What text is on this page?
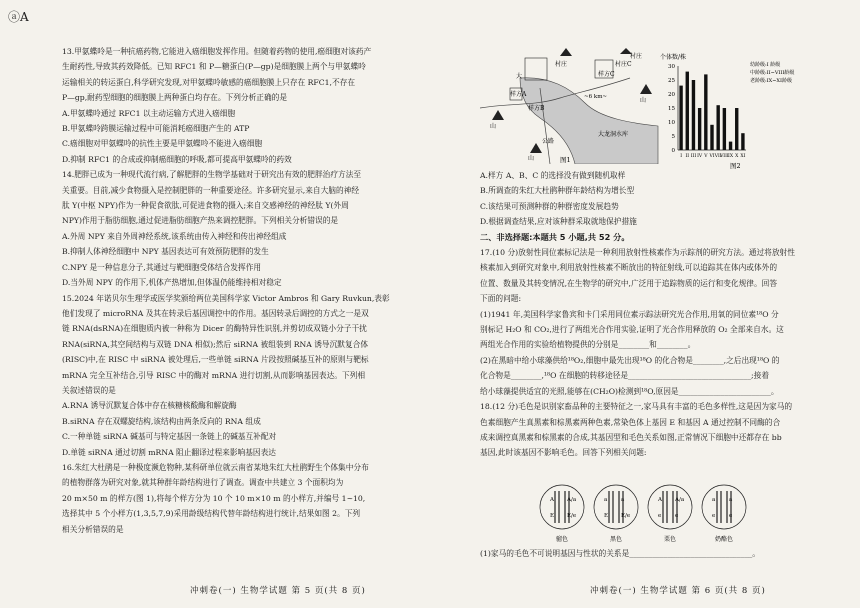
ⓐA

13.甲氨蝶呤是一种抗癌药物,它能进入癌细胞发挥作用。但随着药物的使用,癌细胞对该药产

生耐药性,导致其药效降低。已知 RFC1 和 P—糖蛋白(P—gp)是细胞膜上两个与甲氨蝶呤

运输相关的转运蛋白,科学研究发现,对甲氨蝶呤敏感的癌细胞膜上只存在 RFC1,不存在

P—gp,耐药型细胞的细胞膜上两种蛋白均存在。下列分析正确的是

A.甲氨蝶呤通过 RFC1 以主动运输方式进入癌细胞

B.甲氨蝶呤跨膜运输过程中可能消耗癌细胞产生的 ATP

C.癌细胞对甲氨蝶呤的抗性主要是甲氨蝶呤不能进入癌细胞

D.抑制 RFC1 的合成或抑制癌细胞的呼吸,都可提高甲氨蝶呤的药效

14.肥胖已成为一种现代流行病,了解肥胖的生物学基础对于研究出有效的肥胖治疗方法至

关重要。目前,减少食物摄入是控制肥胖的一种重要途径。许多研究显示,来自大脑的神经

肽 Y(中枢 NPY)作为一种促食欲肽,可促进食物的摄入;来自交感神经的神经肽 Y(外周

NPY)作用于脂肪细胞,通过促进脂肪细胞产热来调控肥胖。下列相关分析错误的是

A.外周 NPY 来自外周神经系统,该系统由传入神经和传出神经组成

B.抑制人体神经细胞中 NPY 基因表达可有效预防肥胖的发生

C.NPY 是一种信息分子,其通过与靶细胞受体结合发挥作用

D.当外周 NPY 的作用下,机体产热增加,但体温仍能维持相对稳定

15.2024 年诺贝尔生理学或医学奖颁给两位美国科学家 Victor Ambros 和 Gary Ruvkun,表彰

他们发现了 microRNA 及其在转录后基因调控中的作用。基因转录后调控的方式之一是双

链 RNA(dsRNA)在细胞质内被一种称为 Dicer 的酶特异性识别,并剪切成双链小分子干扰

RNA(siRNA,其空间结构与双链 DNA 相似);然后 siRNA 被组装到 RNA 诱导沉默复合体

(RISC)中,在 RISC 中 siRNA 被处理后,一些单链 siRNA 片段按照碱基互补的原则与靶标

mRNA 完全互补结合,引导 RISC 中的酶对 mRNA 进行切割,从而影响基因表达。下列相

关叙述错误的是

A.RNA 诱导沉默复合体中存在核糖核酸酶和解旋酶

B.siRNA 存在双螺旋结构,该结构由两条反向的 RNA 组成

C.一种单链 siRNA 碱基可与特定基因一条链上的碱基互补配对

D.单链 siRNA 通过切割 mRNA 阻止翻译过程来影响基因表达

16.朱红大杜鹃是一种极度濒危物种,某科研单位就云南省某地朱红大杜鹃野生个体集中分布

的植物群落为研究对象,就其种群年龄结构进行了调查。调查中共建立 3 个面积均为

20 m×50 m 的样方(图 1),将每个样方分为 10 个 10 m×10 m 的小样方,并编号 1~10,

选择其中 5 个小样方(1,3,5,7,9)采用龄级结构代替年龄结构进行统计,结果如图 2。下列

相关分析错误的是

大
村庄	村庄C
村庄
样方A
样方B
样方C
~6 km~
大龙洞水库
公路
山
山
山
图1
个体数/株
幼龄级:I 龄级
中龄级:II~VIII龄级
老龄级:IX~XI龄级
0
5
10
15
20
25
30
I II III IV V VI VII
VIII IX X XI
图2

A.样方 A、B、C 的选择没有做到随机取样

B.所调查的朱红大杜鹃种群年龄结构为增长型

C.该结果可预测种群的种群密度发展趋势

D.根据调查结果,应对该种群采取就地保护措施

二、非选择题:本题共 5 小题,共 52 分。

17.(10 分)放射性同位素标记法是一种利用放射性核素作为示踪剂的研究方法。通过将放射性

核素加入到研究对象中,利用放射性核素不断放出的特征射线,可以追踪其在体内或体外的

位置、数量及其转变情况,在生物学的研究中,广泛用于追踪物质的运行和变化规律。回答

下面的问题:

(1)1941 年,美国科学家鲁宾和卡门采用同位素示踪法研究光合作用,用氧的同位素¹⁸O 分

别标记 H₂O 和 CO₂,进行了两组光合作用实验,证明了光合作用释放的 O₂ 全部来自水。这

两组光合作用的实验给植物提供的分别是________和________。

(2)在黑暗中给小球藻供给¹⁸O₂,细胞中最先出现¹⁸O 的化合物是________,之后出现¹⁸O 的

化合物是________,¹⁸O 在细胞的转移途径是________________________________;接着

给小球藻提供适宜的光照,能够在(CH₂O)检测到¹⁸O,原因是________________________。

18.(12 分)毛色是识别家畜品种的主要特征之一,家马具有丰富的毛色多样性,这是因为家马的

色素细胞产生真黑素和棕黑素两种色素,常染色体上基因 E 和基因 A 通过控制不同酶的合

成来调控真黑素和棕黑素的合成,其基因型和毛色关系如图,正常情况下细胞中还都存在 bb

基因,此时该基因不影响毛色。回答下列相关问题:

A A/a
E E/e
骝色
a a
E E/e
黑色
A A/a
e e
栗色
a a
e e
奶酪色

(1)家马的毛色不可说明基因与性状的关系是________________________________。

冲刺卷(一) 生物学试题 第 5 页(共 8 页)	冲刺卷(一) 生物学试题 第 6 页(共 8 页)
